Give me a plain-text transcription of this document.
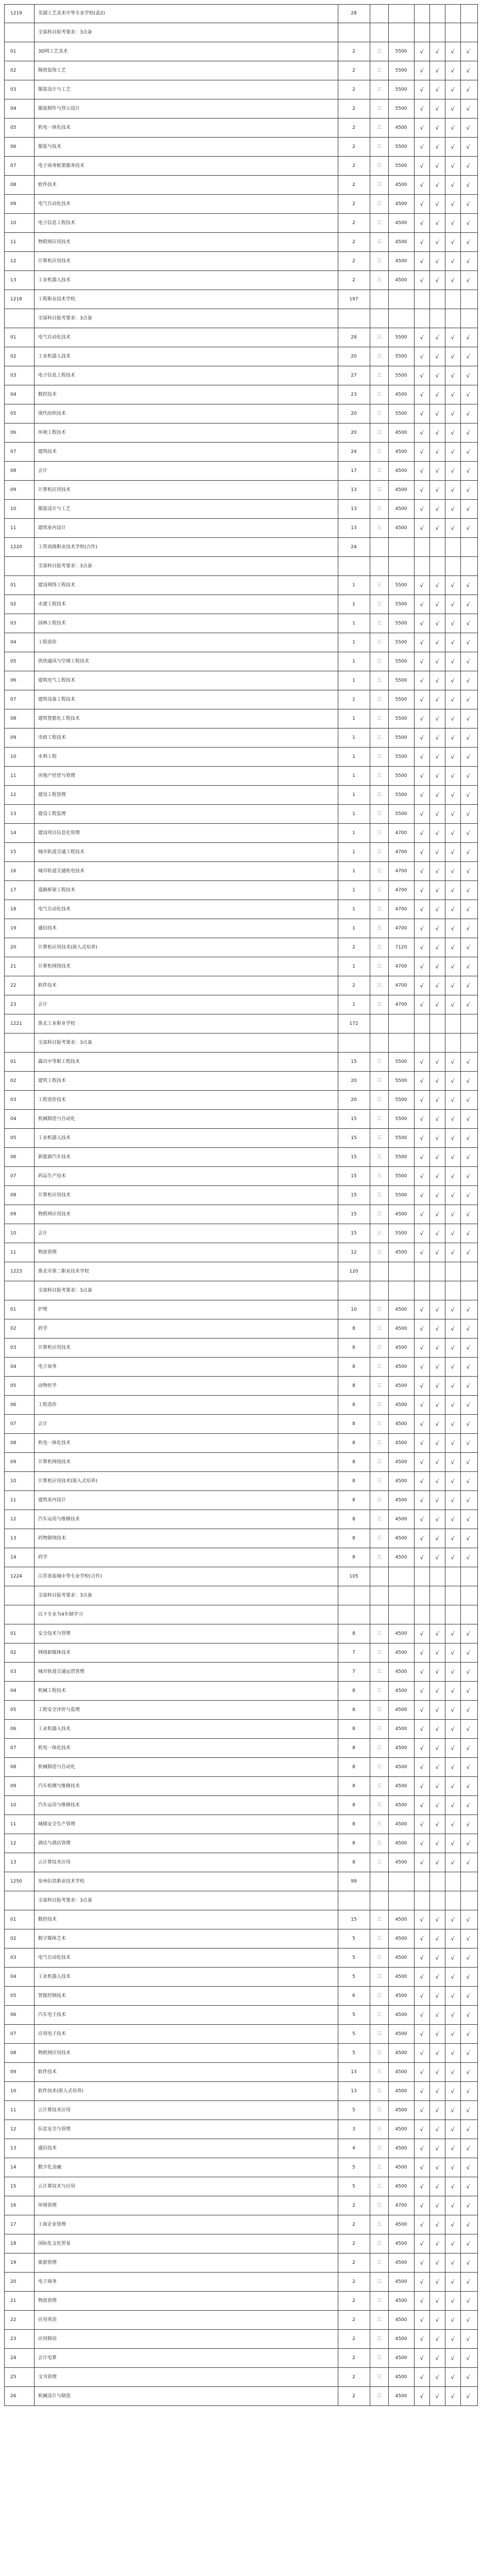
1219	芜湖工艺美术中等专业学校(盖2)	28
全部科目报考要求：3点备
01	3D网工艺美术	2	三	5500	√	√	√	√
02	陶瓷装饰工艺	2	三	5500	√	√	√	√
03	服装设计与工艺	2	三	5500	√	√	√	√
04	服装制作与营示设计	2	三	5500	√	√	√	√
05	机电一体化技术	2	三	4500	√	√	√	√
06	服装与技术	2	三	5500	√	√	√	√
07	电子商务框架服务技术	2	三	5500	√	√	√	√
08	软件技术	2	三	4500	√	√	√	√
09	电气自动化技术	2	三	4500	√	√	√	√
10	电子信息工程技术	2	三	4500	√	√	√	√
11	物联网应用技术	2	三	4500	√	√	√	√
12	计算机应用技术	2	三	4500	√	√	√	√
13	工业机器人技术	2	三	4500	√	√	√	√
1218	工程职业技术学校	197
全部科目报考要求：3点备
01	电气自动化技术	28	三	5500	√	√	√	√
02	工业机器人技术	20	三	5500	√	√	√	√
03	电子信息工程技术	27	三	5500	√	√	√	√
04	数控技术	23	三	4500	√	√	√	√
05	现代纺织技术	20	三	5500	√	√	√	√
06	环境工程技术	20	三	4500	√	√	√	√
07	建筑技术	24	三	4500	√	√	√	√
08	会计	17	三	4500	√	√	√	√
09	计算机应用技术	13	三	4500	√	√	√	√
10	服装设计与工艺	13	三	4500	√	√	√	√
11	建筑室内设计	13	三	4500	√	√	√	√
1220	工贸高级职业技术学校(合作)	24
全部科目报考要求：3点备
01	建设网络工程技术	1	三	5500	√	√	√	√
02	水建工程技术	1	三	5500	√	√	√	√
03	园林工程技术	1	三	5500	√	√	√	√
04	工程造价	1	三	5500	√	√	√	√
05	供热通风与空调工程技术	1	三	5500	√	√	√	√
06	建筑电气工程技术	1	三	5500	√	√	√	√
07	建筑设备工程技术	1	三	5500	√	√	√	√
08	建筑智能化工程技术	1	三	5500	√	√	√	√
09	市政工程技术	1	三	5500	√	√	√	√
10	水利工程	1	三	5500	√	√	√	√
11	房地产经营与管理	1	三	5500	√	√	√	√
12	建设工程管理	1	三	5500	√	√	√	√
13	建设工程监理	1	三	5500	√	√	√	√
14	建设项目信息化管理	1	三	4700	√	√	√	√
15	城市轨道交通工程技术	1	三	4700	√	√	√	√
16	城市轨道交通机电技术	1	三	4700	√	√	√	√
17	道路桥梁工程技术	1	三	4700	√	√	√	√
18	电气自动化技术	1	三	4700	√	√	√	√
19	通信技术	1	三	4700	√	√	√	√
20	计算机应用技术(嵌入式培养)	2	三	7120	√	√	√	√
21	计算机网络技术	1	三	4700	√	√	√	√
22	软件技术	2	三	4700	√	√	√	√
23	会计	1	三	4700	√	√	√	√
1221	淮北工业职业学校	172
全部科目报考要求：3点备
01	露出中等职工程技术	15	三	5500	√	√	√	√
02	建筑工程技术	20	三	5500	√	√	√	√
03	工程造价技术	20	三	5500	√	√	√	√
04	机械制造与自动化	15	三	5500	√	√	√	√
05	工业机器人技术	15	三	5500	√	√	√	√
06	新能源汽车技术	15	三	5500	√	√	√	√
07	药品生产技术	15	三	5500	√	√	√	√
08	计算机应用技术	15	三	5500	√	√	√	√
09	物联网应用技术	15	三	4500	√	√	√	√
10	会计	15	三	5500	√	√	√	√
11	物流管理	12	三	4500	√	√	√	√
1223	淮北市第二职业技术学校	120
全部科目报考要求：3点备
01	护理	10	三	4500	√	√	√	√
02	药学	8	三	4500	√	√	√	√
03	计算机应用技术	8	三	4500	√	√	√	√
04	电子商务	8	三	4500	√	√	√	√
05	动物医学	8	三	4500	√	√	√	√
06	工程造价	8	三	4500	√	√	√	√
07	会计	8	三	4500	√	√	√	√
08	机电一体化技术	8	三	4500	√	√	√	√
09	计算机网络技术	8	三	4500	√	√	√	√
10	计算机应用技术(嵌入式培养)	8	三	4500	√	√	√	√
11	建筑室内设计	8	三	4500	√	√	√	√
12	汽车运用与维修技术	8	三	4500	√	√	√	√
13	药物制剂技术	8	三	4500	√	√	√	√
14	药学	8	三	4500	√	√	√	√
1224	江苏省盐城中等专业学校(合作)	105
全部科目报考要求：3点备
以下专业为4年制学习
01	安全技术与管理	8	三	4500	√	√	√	√
02	网络新媒体技术	7	三	4500	√	√	√	√
03	城市轨道交通运营管理	7	三	4500	√	√	√	√
04	机械工程技术	8	三	4500	√	√	√	√
05	工程安全评价与监理	8	三	4500	√	√	√	√
06	工业机器人技术	8	三	4500	√	√	√	√
07	机电一体化技术	8	三	4500	√	√	√	√
08	机械制造与自动化	8	三	4500	√	√	√	√
09	汽车检测与维修技术	8	三	4500	√	√	√	√
10	汽车运用与维修技术	8	三	4500	√	√	√	√
11	城镇安全生产管理	8	三	4500	√	√	√	√
12	酒店与酒店管理	8	三	4500	√	√	√	√
13	云计算技术应用	8	三	4500	√	√	√	√
1250	泉州信息职业技术学校	99
全部科目报考要求：3点备
01	数控技术	15	三	4500	√	√	√	√
02	数字媒体艺术	5	三	4500	√	√	√	√
03	电气自动化技术	5	三	4500	√	√	√	√
04	工业机器人技术	5	三	4500	√	√	√	√
05	智能控制技术	6	三	4500	√	√	√	√
06	汽车电子技术	5	三	4500	√	√	√	√
07	应用电子技术	5	三	4500	√	√	√	√
08	物联网应用技术	5	三	4500	√	√	√	√
09	软件技术	13	三	4500	√	√	√	√
10	软件技术(嵌入式培养)	13	三	4500	√	√	√	√
11	云计算技术应用	5	三	4500	√	√	√	√
12	信息安全与管理	3	三	4500	√	√	√	√
13	通信技术	4	三	4500	√	√	√	√
14	数字化金融	5	三	4500	√	√	√	√
15	云计算技术与应用	5	三	4500	√	√	√	√
16	环境管理	2	三	4700	√	√	√	√
17	工商企业管理	2	三	4500	√	√	√	√
18	国际化文化贸易	2	三	4500	√	√	√	√
19	旅游管理	2	三	4500	√	√	√	√
20	电子商务	2	三	4500	√	√	√	√
21	物流管理	2	三	4500	√	√	√	√
22	应用英语	2	三	4500	√	√	√	√
23	应用韩语	2	三	4500	√	√	√	√
24	会计电算	2	三	4500	√	√	√	√
25	文书管理	2	三	4500	√	√	√	√
26	机械设计与制造	2	三	4500	√	√	√	√
